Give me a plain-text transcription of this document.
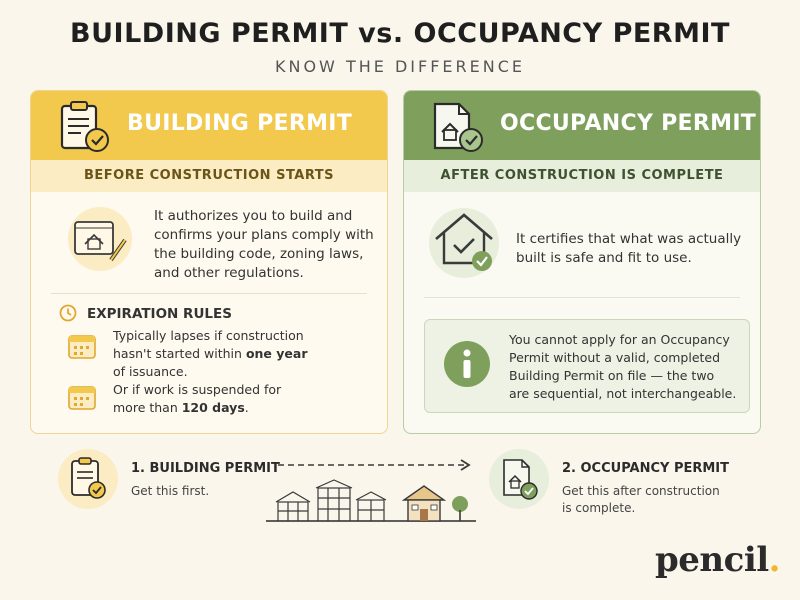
BUILDING PERMIT vs. OCCUPANCY PERMIT
KNOW THE DIFFERENCE
BUILDING PERMIT
BEFORE CONSTRUCTION STARTS
It authorizes you to build and
confirms your plans comply with
the building code, zoning laws,
and other regulations.
EXPIRATION RULES
Typically lapses if construction
hasn't started within one year
of issuance.
Or if work is suspended for
more than 120 days.
OCCUPANCY PERMIT
AFTER CONSTRUCTION IS COMPLETE
It certifies that what was actually
built is safe and fit to use.
You cannot apply for an Occupancy
Permit without a valid, completed
Building Permit on file — the two
are sequential, not interchangeable.
1. BUILDING PERMIT
Get this first.
2. OCCUPANCY PERMIT
Get this after construction
is complete.
pencil.
